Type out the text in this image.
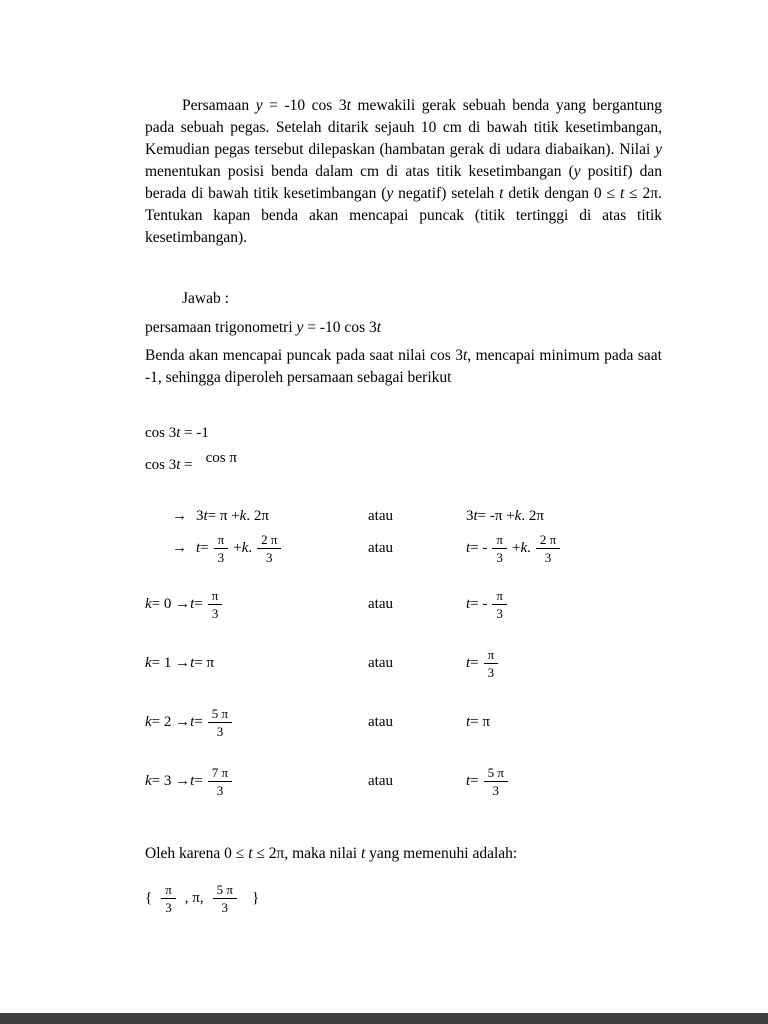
Persamaan y = -10 cos 3t mewakili gerak sebuah benda yang bergantung pada sebuah pegas. Setelah ditarik sejauh 10 cm di bawah titik kesetimbangan, Kemudian pegas tersebut dilepaskan (hambatan gerak di udara diabaikan). Nilai y menentukan posisi benda dalam cm di atas titik kesetimbangan (y positif) dan berada di bawah titik kesetimbangan (y negatif) setelah t detik dengan 0 ≤ t ≤ 2π. Tentukan kapan benda akan mencapai puncak (titik tertinggi di atas titik kesetimbangan).

Jawab :

persamaan trigonometri y = -10 cos 3t

Benda akan mencapai puncak pada saat nilai cos 3t, mencapai minimum pada saat -1, sehingga diperoleh persamaan sebagai berikut

cos 3t = -1

cos 3t = cos π

→ 3 t = π + k . 2π	atau	3 t = -π + k . 2π
→ $t = \frac{\pi}{3} + k$ . $\frac{2 \pi}{3}$	atau	t = - $\frac{\pi}{3} + k$ . $\frac{2 \pi}{3}$
$k = 0 \to t = \frac{\pi}{3}$	atau	t = - $\frac{\pi}{3}$
k = 1 → t = π	atau	$t = \frac{\pi}{3}$
$k = 2 \to t = \frac{5 \pi}{3}$	atau	t = π
$k = 3 \to t = \frac{7 \pi}{3}$	atau	$t = \frac{5 \pi}{3}$

Oleh karena 0 ≤ t ≤ 2π, maka nilai t yang memenuhi adalah:

{ $\frac{\pi}{3}$ , π, $\frac{5 \pi}{3}$ }
